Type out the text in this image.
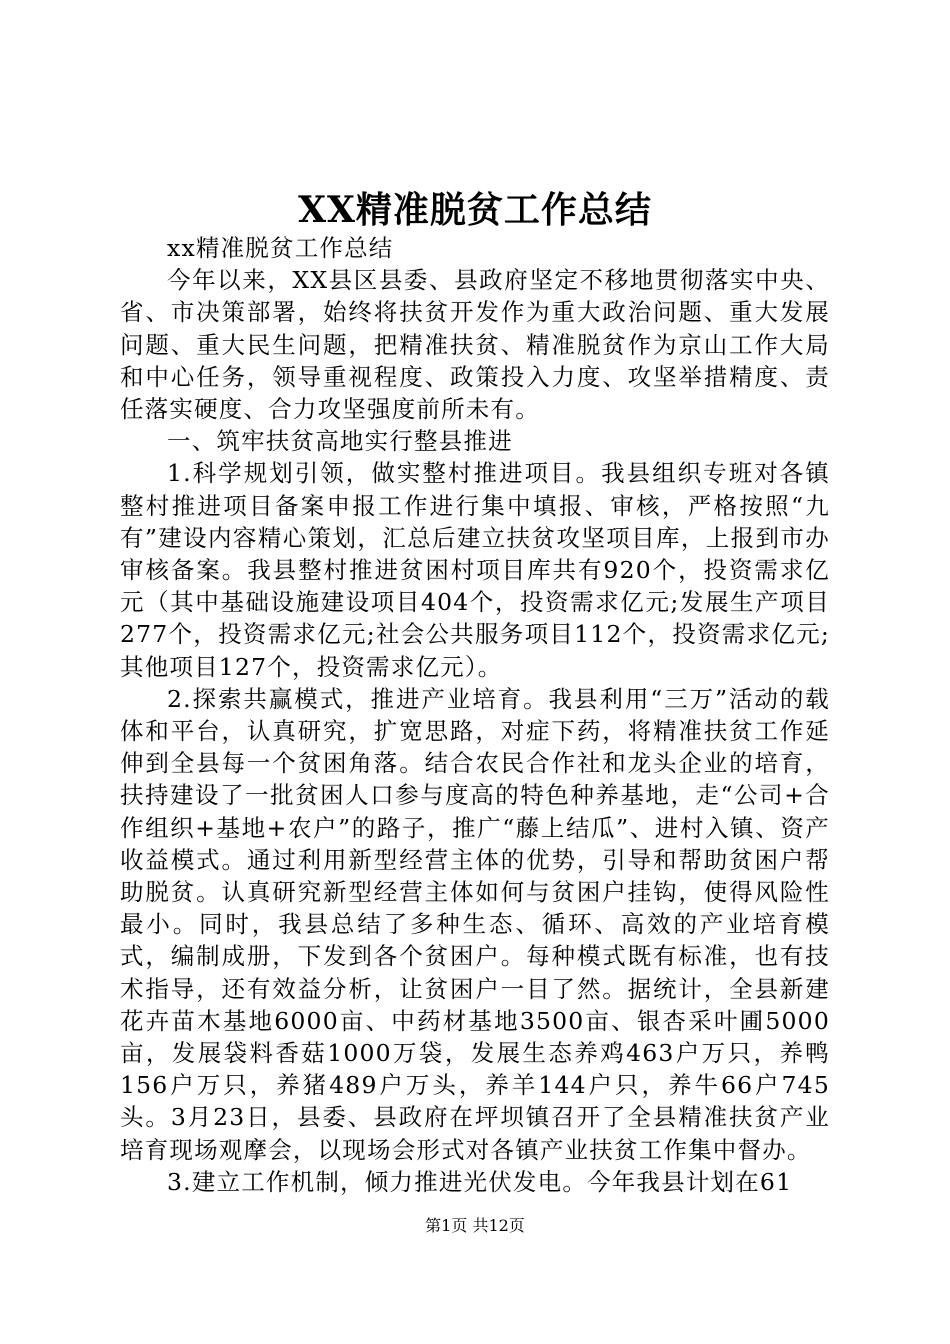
XX精准脱贫工作总结

xx精准脱贫工作总结

今年以来，XX县区县委、县政府坚定不移地贯彻落实中央、省、市决策部署，始终将扶贫开发作为重大政治问题、重大发展问题、重大民生问题，把精准扶贫、精准脱贫作为京山工作大局和中心任务，领导重视程度、政策投入力度、攻坚举措精度、责任落实硬度、合力攻坚强度前所未有。

一、筑牢扶贫高地实行整县推进

1.科学规划引领，做实整村推进项目。我县组织专班对各镇整村推进项目备案申报工作进行集中填报、审核，严格按照“九有”建设内容精心策划，汇总后建立扶贫攻坚项目库，上报到市办审核备案。我县整村推进贫困村项目库共有920个，投资需求亿元（其中基础设施建设项目404个，投资需求亿元;发展生产项目277个，投资需求亿元;社会公共服务项目112个，投资需求亿元;其他项目127个，投资需求亿元）。

2.探索共赢模式，推进产业培育。我县利用“三万”活动的载体和平台，认真研究，扩宽思路，对症下药，将精准扶贫工作延伸到全县每一个贫困角落。结合农民合作社和龙头企业的培育，扶持建设了一批贫困人口参与度高的特色种养基地，走“公司+合作组织+基地+农户”的路子，推广“藤上结瓜”、进村入镇、资产收益模式。通过利用新型经营主体的优势，引导和帮助贫困户帮助脱贫。认真研究新型经营主体如何与贫困户挂钩，使得风险性最小。同时，我县总结了多种生态、循环、高效的产业培育模式，编制成册，下发到各个贫困户。每种模式既有标准，也有技术指导，还有效益分析，让贫困户一目了然。据统计，全县新建花卉苗木基地6000亩、中药材基地3500亩、银杏采叶圃5000亩，发展袋料香菇1000万袋，发展生态养鸡463户万只，养鸭156户万只，养猪489户万头，养羊144户只，养牛66户745头。3月23日，县委、县政府在坪坝镇召开了全县精准扶贫产业培育现场观摩会，以现场会形式对各镇产业扶贫工作集中督办。

3.建立工作机制，倾力推进光伏发电。今年我县计划在61

第1页 共12页
